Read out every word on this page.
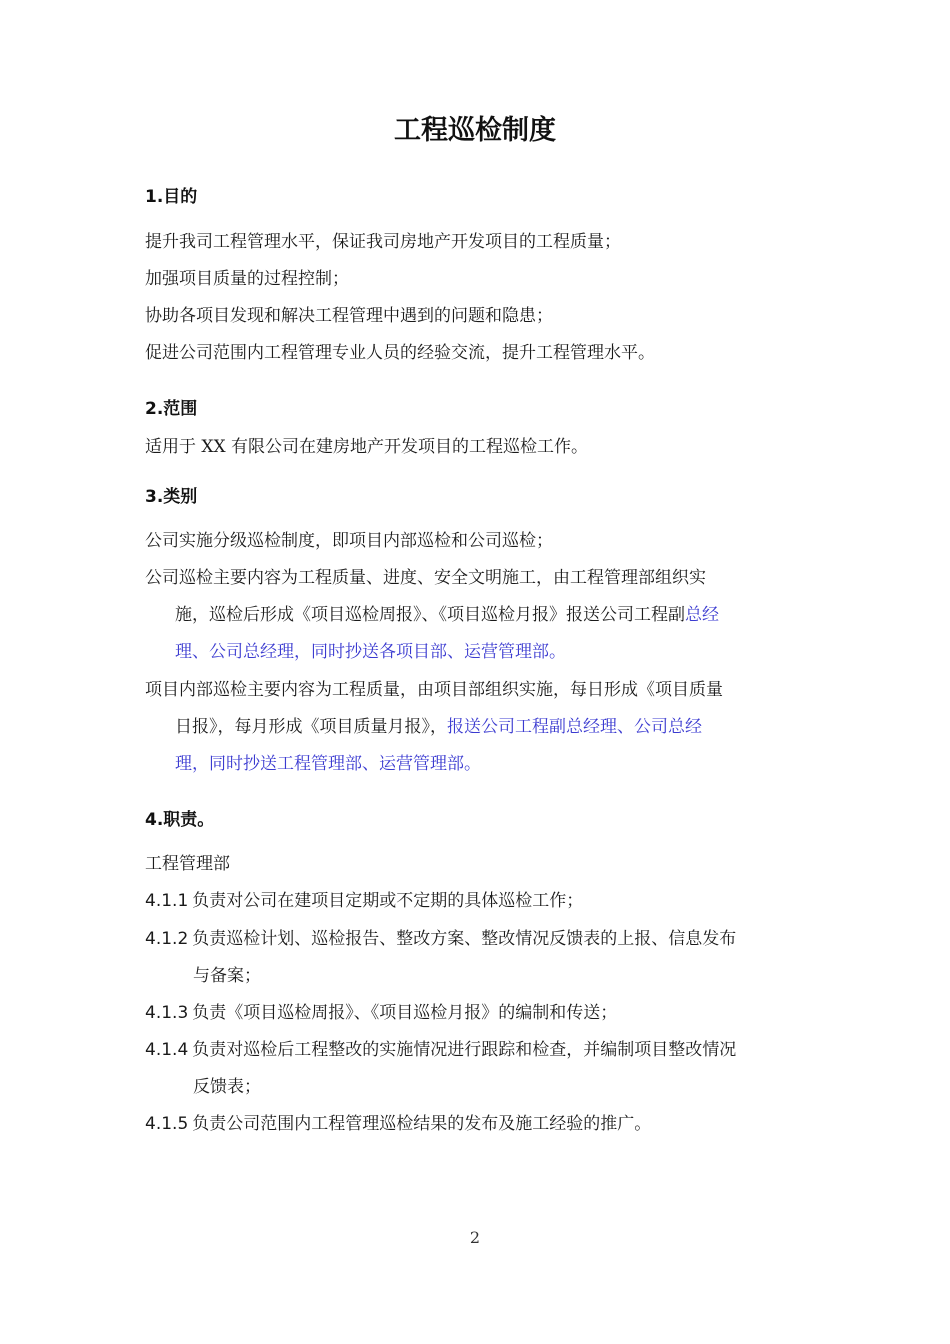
工程巡检制度
1.目的
提升我司工程管理水平，保证我司房地产开发项目的工程质量；
加强项目质量的过程控制；
协助各项目发现和解决工程管理中遇到的问题和隐患；
促进公司范围内工程管理专业人员的经验交流，提升工程管理水平。
2.范围
适用于 XX 有限公司在建房地产开发项目的工程巡检工作。
3.类别
公司实施分级巡检制度，即项目内部巡检和公司巡检；
公司巡检主要内容为工程质量、进度、安全文明施工，由工程管理部组织实
施，巡检后形成《项目巡检周报》、《项目巡检月报》报送公司工程副总经
理、公司总经理，同时抄送各项目部、运营管理部。
项目内部巡检主要内容为工程质量，由项目部组织实施，每日形成《项目质量
日报》，每月形成《项目质量月报》，报送公司工程副总经理、公司总经
理，同时抄送工程管理部、运营管理部。
4.职责。
工程管理部
4.1.1 负责对公司在建项目定期或不定期的具体巡检工作；
4.1.2 负责巡检计划、巡检报告、整改方案、整改情况反馈表的上报、信息发布
与备案；
4.1.3 负责《项目巡检周报》、《项目巡检月报》的编制和传送；
4.1.4 负责对巡检后工程整改的实施情况进行跟踪和检查，并编制项目整改情况
反馈表；
4.1.5 负责公司范围内工程管理巡检结果的发布及施工经验的推广。
2
